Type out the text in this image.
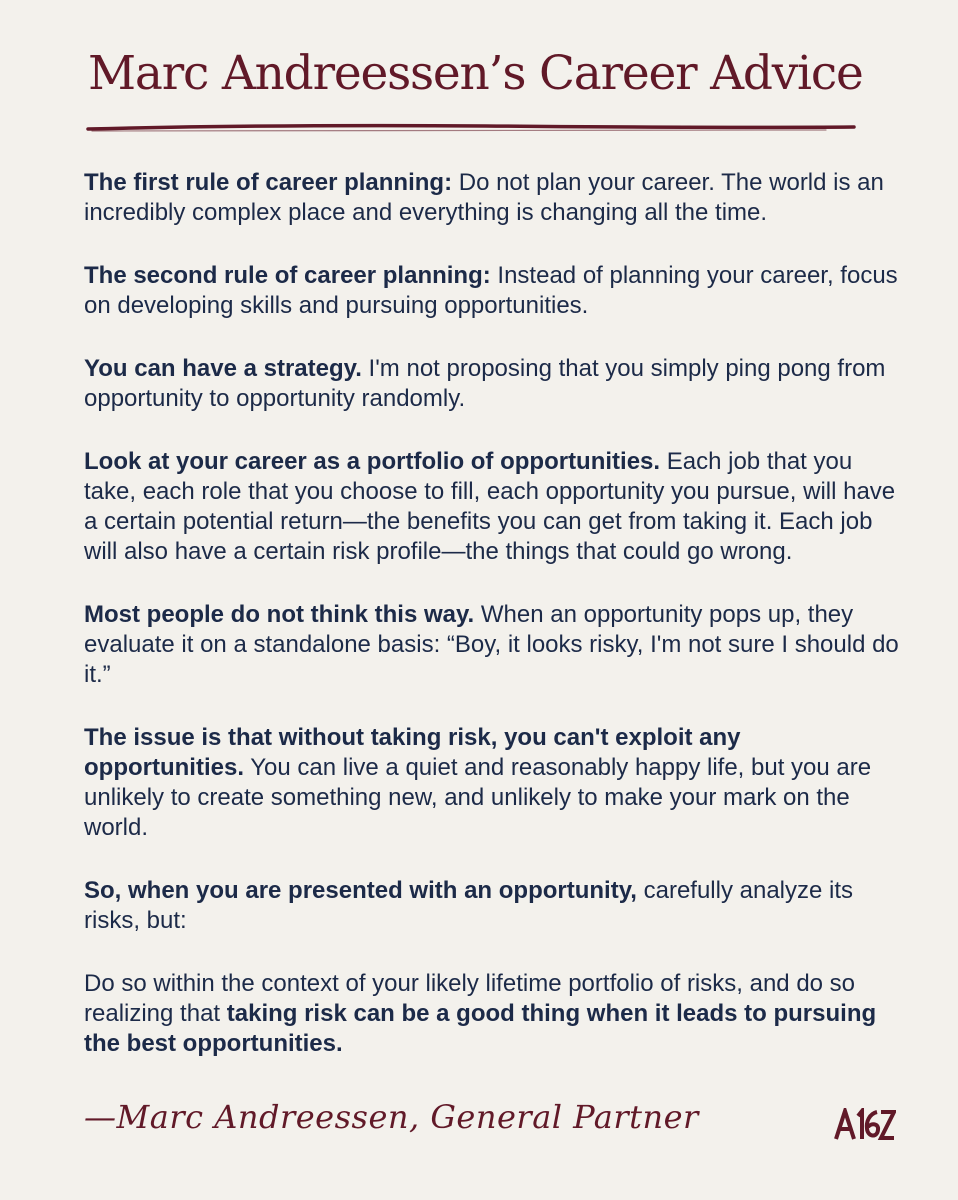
Marc Andreessen’s Career Advice

The first rule of career planning: Do not plan your career. The world is an incredibly complex place and everything is changing all the time.

The second rule of career planning: Instead of planning your career, focus on developing skills and pursuing opportunities.

You can have a strategy. I'm not proposing that you simply ping pong from opportunity to opportunity randomly.

Look at your career as a portfolio of opportunities. Each job that you take, each role that you choose to fill, each opportunity you pursue, will have a certain potential return—the benefits you can get from taking it. Each job will also have a certain risk profile—the things that could go wrong.

Most people do not think this way. When an opportunity pops up, they evaluate it on a standalone basis: “Boy, it looks risky, I'm not sure I should do it.”

The issue is that without taking risk, you can't exploit any opportunities. You can live a quiet and reasonably happy life, but you are unlikely to create something new, and unlikely to make your mark on the world.

So, when you are presented with an opportunity, carefully analyze its risks, but:

Do so within the context of your likely lifetime portfolio of risks, and do so realizing that taking risk can be a good thing when it leads to pursuing the best opportunities.

—Marc Andreessen, General Partner
